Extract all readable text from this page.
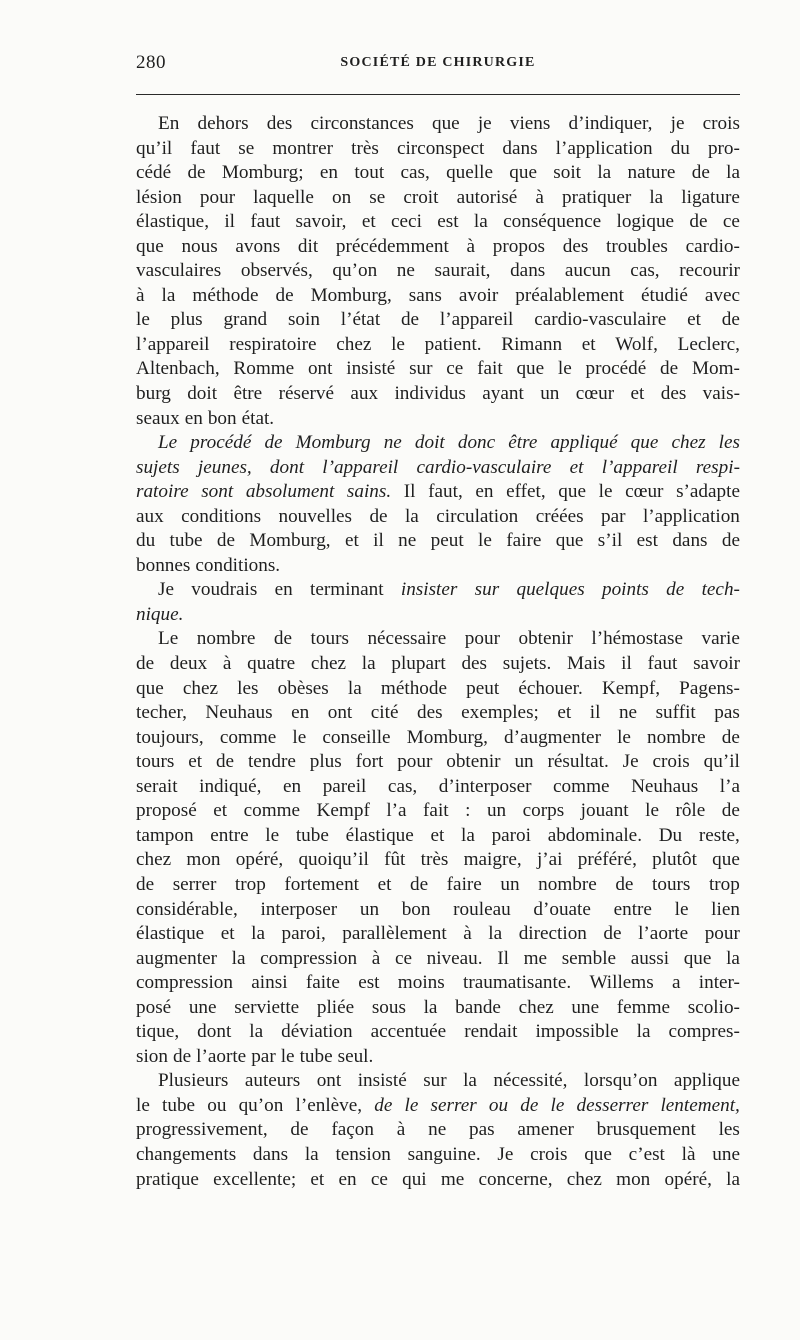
280	SOCIÉTÉ DE CHIRURGIE
En dehors des circonstances que je viens d’indiquer, je crois
qu’il faut se montrer très circonspect dans l’application du pro-
cédé de Momburg; en tout cas, quelle que soit la nature de la
lésion pour laquelle on se croit autorisé à pratiquer la ligature
élastique, il faut savoir, et ceci est la conséquence logique de ce
que nous avons dit précédemment à propos des troubles cardio-
vasculaires observés, qu’on ne saurait, dans aucun cas, recourir
à la méthode de Momburg, sans avoir préalablement étudié avec
le plus grand soin l’état de l’appareil cardio-vasculaire et de
l’appareil respiratoire chez le patient. Rimann et Wolf, Leclerc,
Altenbach, Romme ont insisté sur ce fait que le procédé de Mom-
burg doit être réservé aux individus ayant un cœur et des vais-
seaux en bon état.
Le procédé de Momburg ne doit donc être appliqué que chez les
sujets jeunes, dont l’appareil cardio-vasculaire et l’appareil respi-
ratoire sont absolument sains. Il faut, en effet, que le cœur s’adapte
aux conditions nouvelles de la circulation créées par l’application
du tube de Momburg, et il ne peut le faire que s’il est dans de
bonnes conditions.
Je voudrais en terminant insister sur quelques points de tech-
nique.
Le nombre de tours nécessaire pour obtenir l’hémostase varie
de deux à quatre chez la plupart des sujets. Mais il faut savoir
que chez les obèses la méthode peut échouer. Kempf, Pagens-
techer, Neuhaus en ont cité des exemples; et il ne suffit pas
toujours, comme le conseille Momburg, d’augmenter le nombre de
tours et de tendre plus fort pour obtenir un résultat. Je crois qu’il
serait indiqué, en pareil cas, d’interposer comme Neuhaus l’a
proposé et comme Kempf l’a fait : un corps jouant le rôle de
tampon entre le tube élastique et la paroi abdominale. Du reste,
chez mon opéré, quoiqu’il fût très maigre, j’ai préféré, plutôt que
de serrer trop fortement et de faire un nombre de tours trop
considérable, interposer un bon rouleau d’ouate entre le lien
élastique et la paroi, parallèlement à la direction de l’aorte pour
augmenter la compression à ce niveau. Il me semble aussi que la
compression ainsi faite est moins traumatisante. Willems a inter-
posé une serviette pliée sous la bande chez une femme scolio-
tique, dont la déviation accentuée rendait impossible la compres-
sion de l’aorte par le tube seul.
Plusieurs auteurs ont insisté sur la nécessité, lorsqu’on applique
le tube ou qu’on l’enlève, de le serrer ou de le desserrer lentement,
progressivement, de façon à ne pas amener brusquement les
changements dans la tension sanguine. Je crois que c’est là une
pratique excellente; et en ce qui me concerne, chez mon opéré, la
